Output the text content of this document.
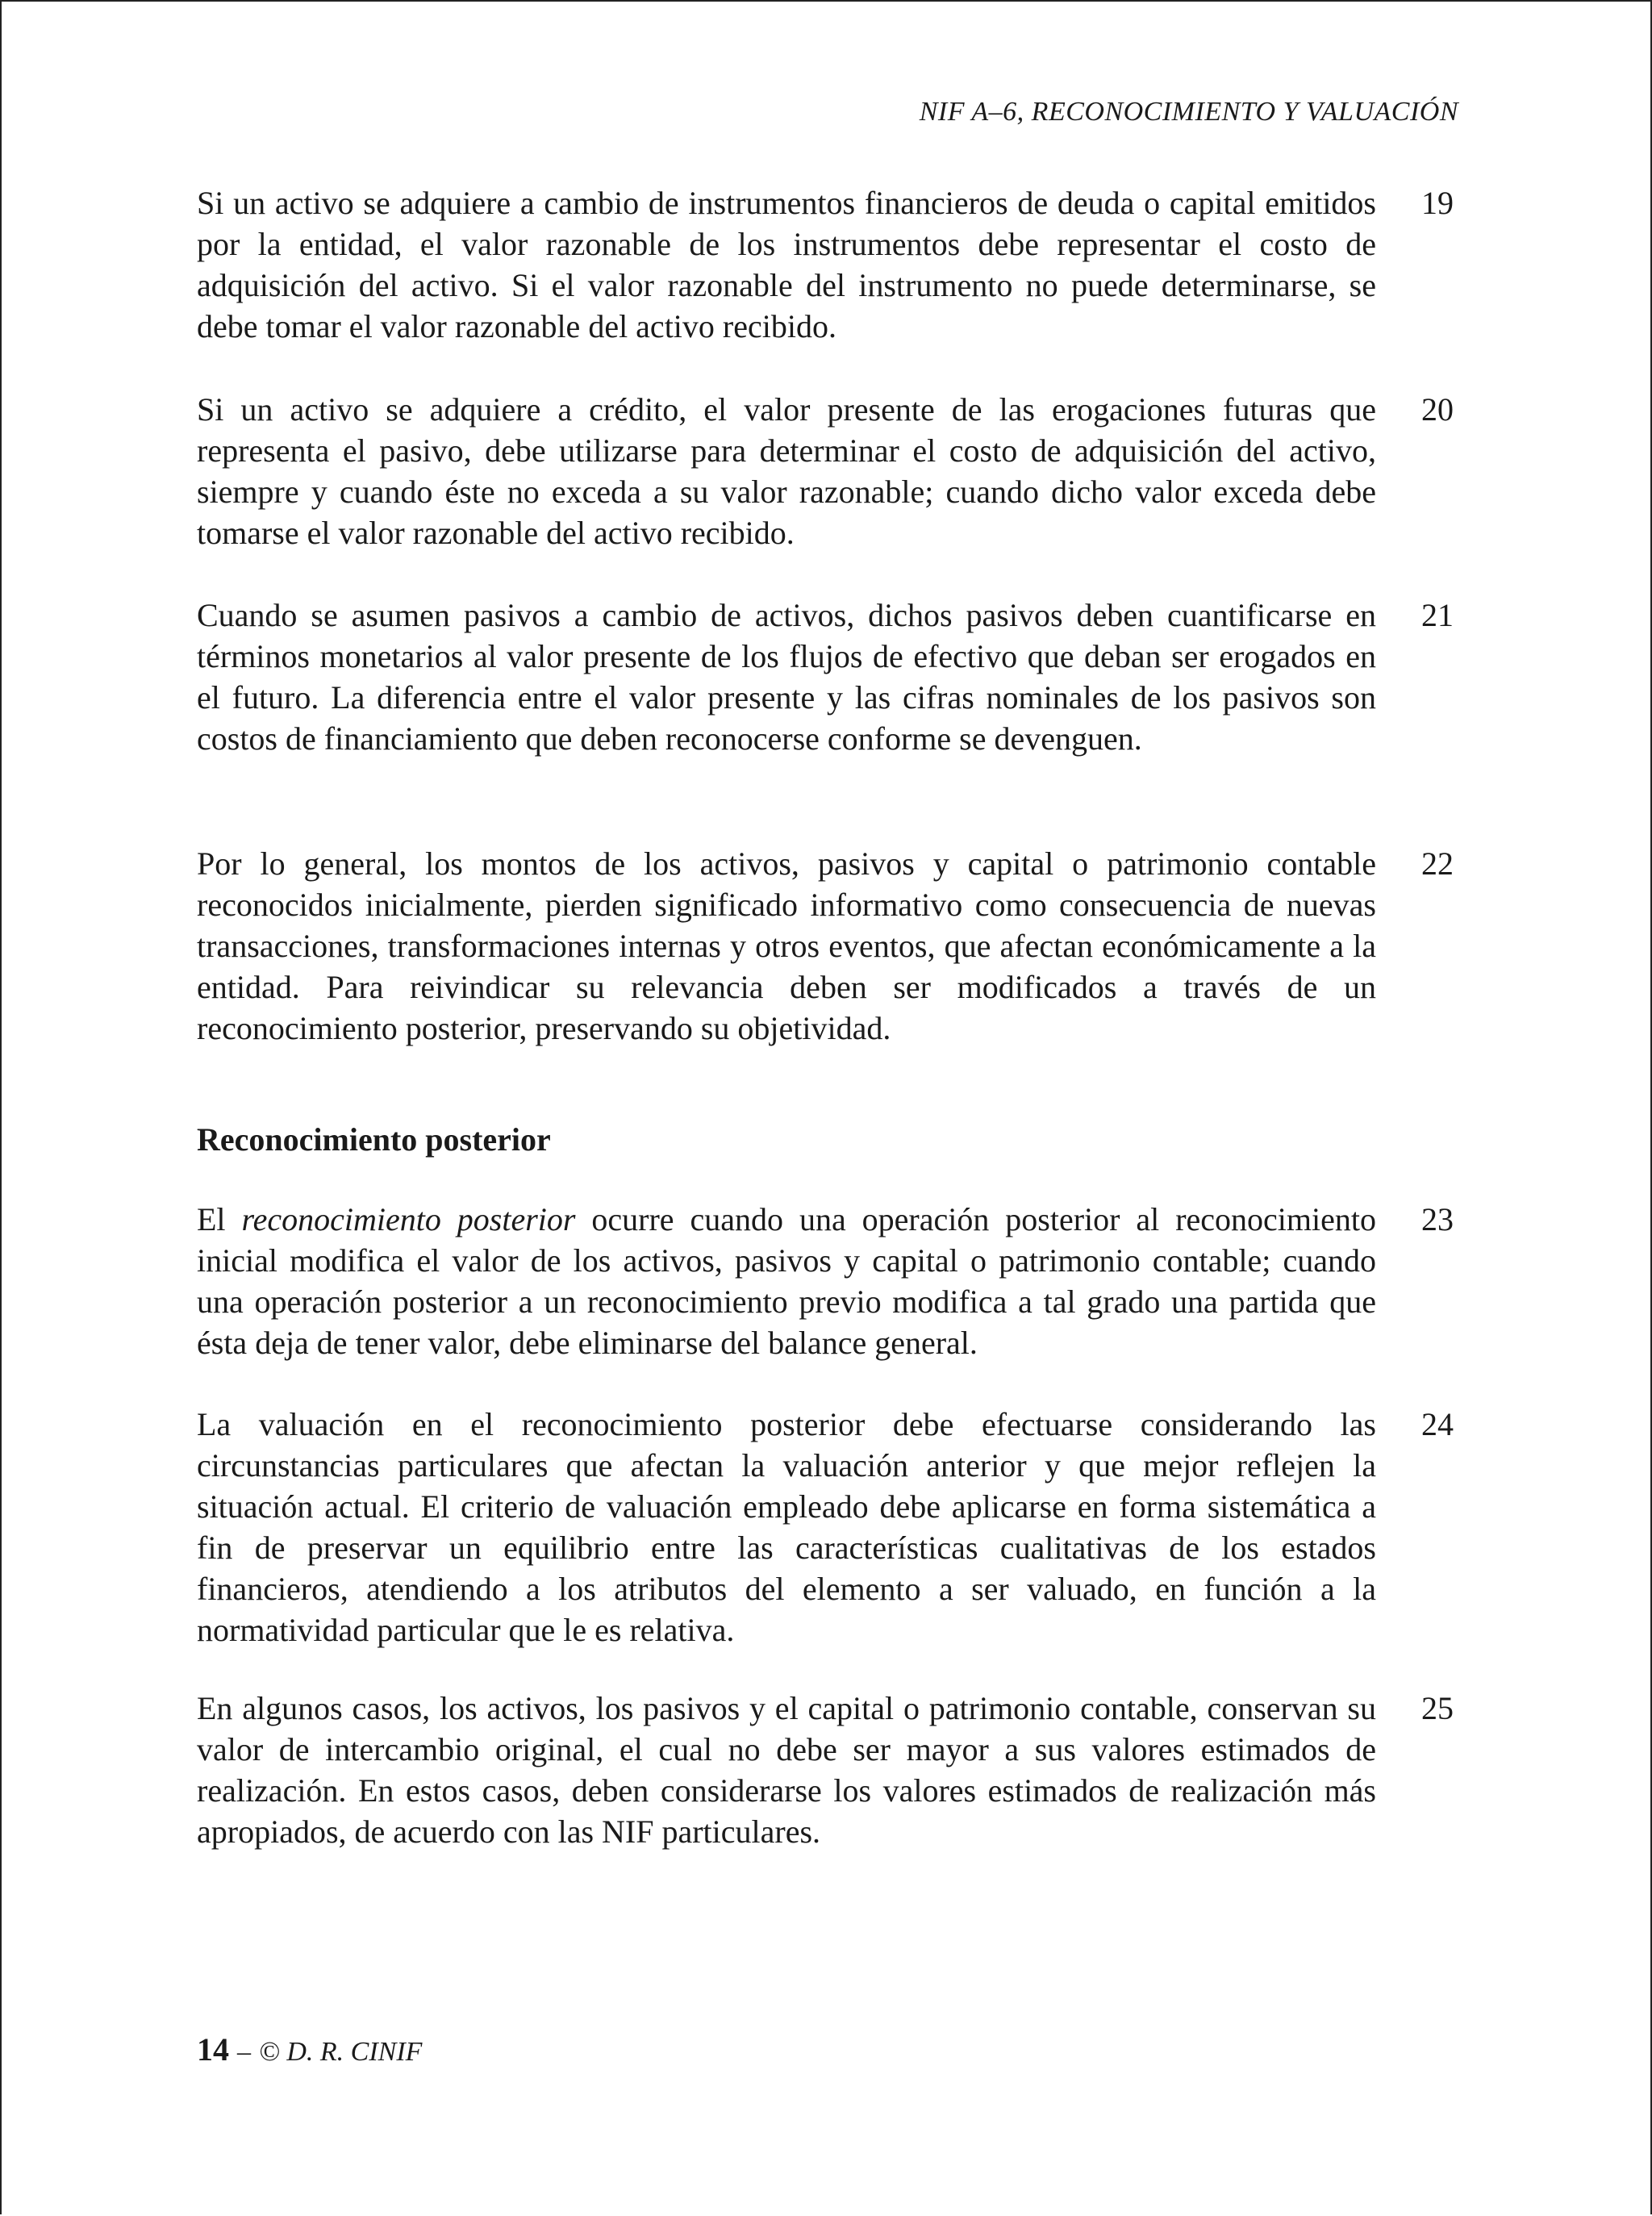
NIF A–6, RECONOCIMIENTO Y VALUACIÓN

Si un activo se adquiere a cambio de instrumentos financieros de deuda o capital emitidos por la entidad, el valor razonable de los instrumentos debe representar el costo de adquisición del activo. Si el valor razonable del instrumento no puede determinarse, se debe tomar el valor razonable del activo recibido.

19

Si un activo se adquiere a crédito, el valor presente de las erogaciones futuras que representa el pasivo, debe utilizarse para determinar el costo de adquisición del activo, siempre y cuando éste no exceda a su valor razonable; cuando dicho valor exceda debe tomarse el valor razonable del activo recibido.

20

Cuando se asumen pasivos a cambio de activos, dichos pasivos deben cuantificarse en términos monetarios al valor presente de los flujos de efectivo que deban ser erogados en el futuro. La diferencia entre el valor presente y las cifras nominales de los pasivos son costos de financiamiento que deben reconocerse conforme se devenguen.

21

Por lo general, los montos de los activos, pasivos y capital o patrimonio contable reconocidos inicialmente, pierden significado informativo como consecuencia de nuevas transacciones, transformaciones internas y otros eventos, que afectan económicamente a la entidad. Para reivindicar su relevancia deben ser modificados a través de un reconocimiento posterior, preservando su objetividad.

22
Reconocimiento posterior

El reconocimiento posterior ocurre cuando una operación posterior al reconocimiento inicial modifica el valor de los activos, pasivos y capital o patrimonio contable; cuando una operación posterior a un reconocimiento previo modifica a tal grado una partida que ésta deja de tener valor, debe eliminarse del balance general.

23

La valuación en el reconocimiento posterior debe efectuarse considerando las circunstancias particulares que afectan la valuación anterior y que mejor reflejen la situación actual. El criterio de valuación empleado debe aplicarse en forma sistemática a fin de preservar un equilibrio entre las características cualitativas de los estados financieros, atendiendo a los atributos del elemento a ser valuado, en función a la normatividad particular que le es relativa.

24

En algunos casos, los activos, los pasivos y el capital o patrimonio contable, conservan su valor de intercambio original, el cual no debe ser mayor a sus valores estimados de realización. En estos casos, deben considerarse los valores estimados de realización más apropiados, de acuerdo con las NIF particulares.

25
14 – © D. R. CINIF
